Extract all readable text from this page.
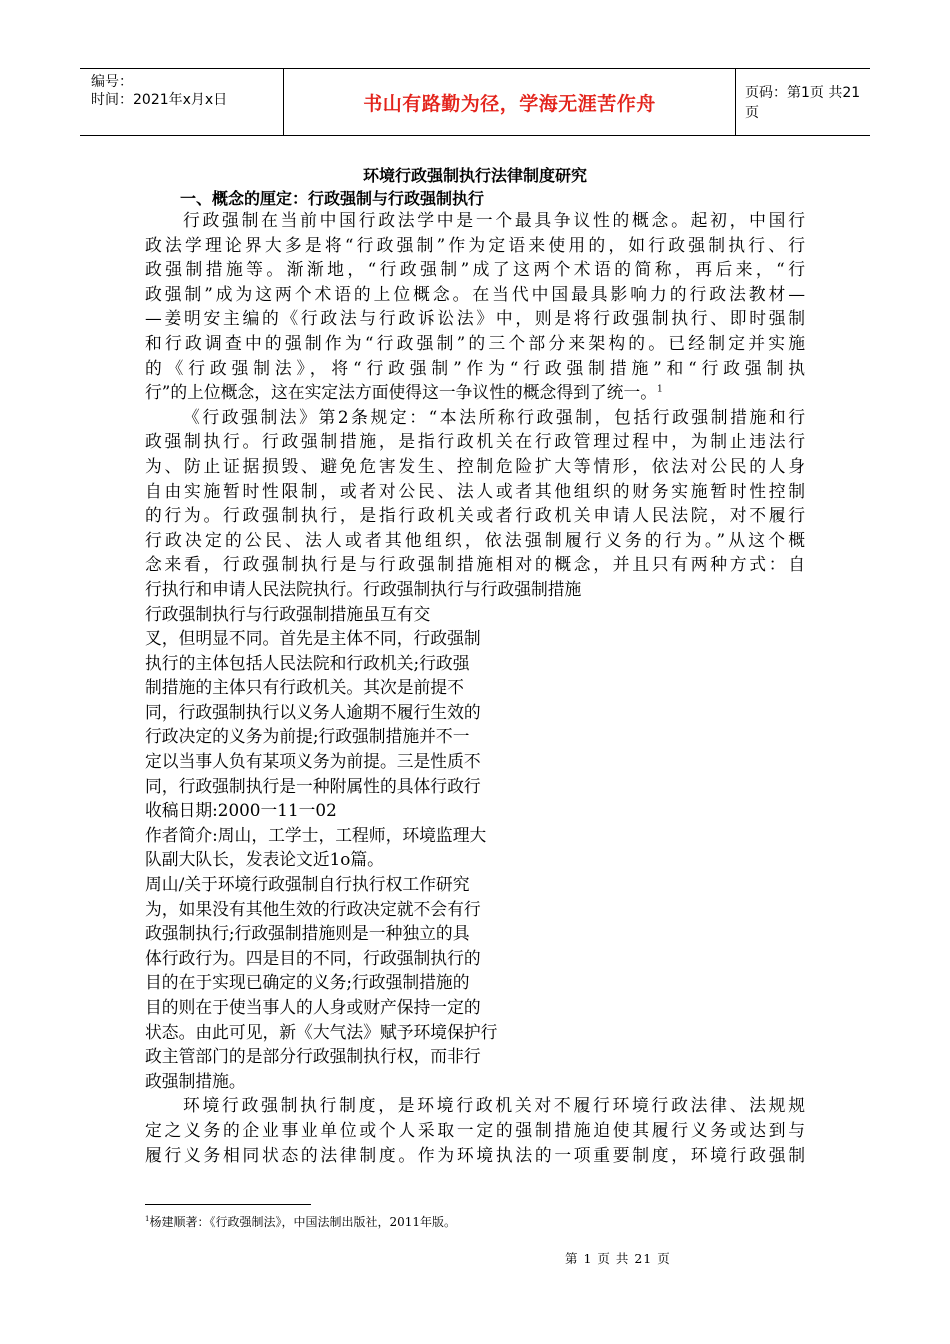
编号：
时间：2021年x月x日	书山有路勤为径，学海无涯苦作舟	页码：第1页 共21页
环境行政强制执行法律制度研究
一、概念的厘定：行政强制与行政强制执行
行政强制在当前中国行政法学中是一个最具争议性的概念。起初，中国行
政法学理论界大多是将“行政强制”作为定语来使用的，如行政强制执行、行
政强制措施等。渐渐地，“行政强制”成了这两个术语的简称，再后来，“行
政强制”成为这两个术语的上位概念。在当代中国最具影响力的行政法教材—
—姜明安主编的《行政法与行政诉讼法》中，则是将行政强制执行、即时强制
和行政调查中的强制作为“行政强制”的三个部分来架构的。已经制定并实施
的《行政强制法》，将“行政强制”作为“行政强制措施”和“行政强制执
行”的上位概念，这在实定法方面使得这一争议性的概念得到了统一。$^1$
《行政强制法》第2条规定：“本法所称行政强制，包括行政强制措施和行
政强制执行。行政强制措施，是指行政机关在行政管理过程中，为制止违法行
为、防止证据损毁、避免危害发生、控制危险扩大等情形，依法对公民的人身
自由实施暂时性限制，或者对公民、法人或者其他组织的财务实施暂时性控制
的行为。行政强制执行，是指行政机关或者行政机关申请人民法院，对不履行
行政决定的公民、法人或者其他组织，依法强制履行义务的行为。”从这个概
念来看，行政强制执行是与行政强制措施相对的概念，并且只有两种方式：自
行执行和申请人民法院执行。行政强制执行与行政强制措施
行政强制执行与行政强制措施虽互有交
叉，但明显不同。首先是主体不同，行政强制
执行的主体包括人民法院和行政机关;行政强
制措施的主体只有行政机关。其次是前提不
同，行政强制执行以义务人逾期不履行生效的
行政决定的义务为前提;行政强制措施并不一
定以当事人负有某项义务为前提。三是性质不
同，行政强制执行是一种附属性的具体行政行
收稿日期:2000一11一02
作者简介:周山，工学士，工程师，环境监理大
队副大队长，发表论文近1o篇。
周山/关于环境行政强制自行执行权工作研究
为，如果没有其他生效的行政决定就不会有行
政强制执行;行政强制措施则是一种独立的具
体行政行为。四是目的不同，行政强制执行的
目的在于实现已确定的义务;行政强制措施的
目的则在于使当事人的人身或财产保持一定的
状态。由此可见，新《大气法》赋予环境保护行
政主管部门的是部分行政强制执行权，而非行
政强制措施。
环境行政强制执行制度，是环境行政机关对不履行环境行政法律、法规规
定之义务的企业事业单位或个人采取一定的强制措施迫使其履行义务或达到与
履行义务相同状态的法律制度。作为环境执法的一项重要制度，环境行政强制
$^1$杨建顺著：《行政强制法》，中国法制出版社，2011年版。
第 1 页 共 21 页
